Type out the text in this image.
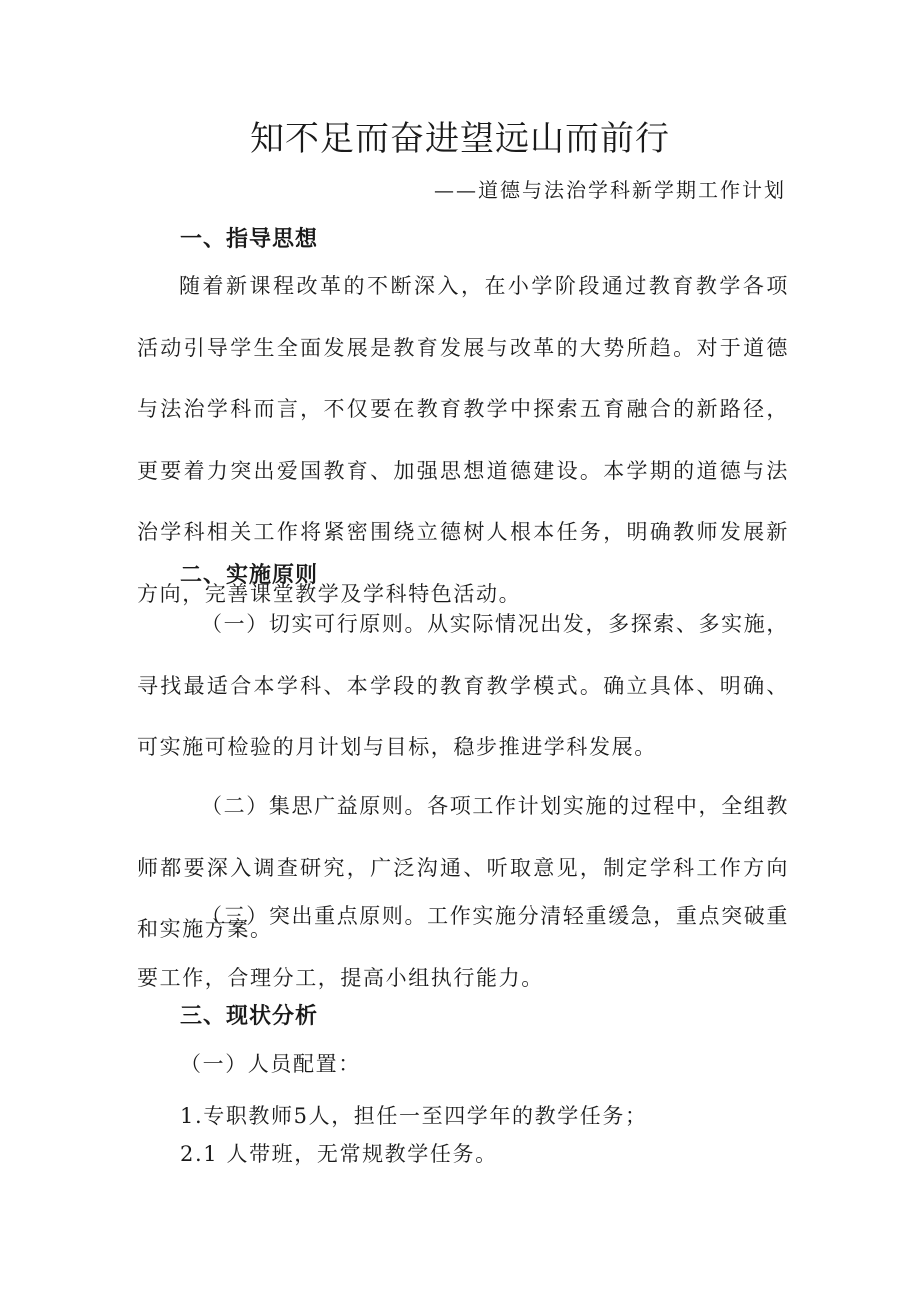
知不足而奋进望远山而前行
——道德与法治学科新学期工作计划
一、指导思想
随着新课程改革的不断深入，在小学阶段通过教育教学各项活动引导学生全面发展是教育发展与改革的大势所趋。对于道德与法治学科而言，不仅要在教育教学中探索五育融合的新路径，更要着力突出爱国教育、加强思想道德建设。本学期的道德与法治学科相关工作将紧密围绕立德树人根本任务，明确教师发展新方向，完善课堂教学及学科特色活动。
二、实施原则
（一）切实可行原则。从实际情况出发，多探索、多实施，寻找最适合本学科、本学段的教育教学模式。确立具体、明确、可实施可检验的月计划与目标，稳步推进学科发展。
（二）集思广益原则。各项工作计划实施的过程中，全组教师都要深入调查研究，广泛沟通、听取意见，制定学科工作方向和实施方案。
（三）突出重点原则。工作实施分清轻重缓急，重点突破重要工作，合理分工，提高小组执行能力。
三、现状分析
（一）人员配置：
1.专职教师5人，担任一至四学年的教学任务；
2.1 人带班，无常规教学任务。
